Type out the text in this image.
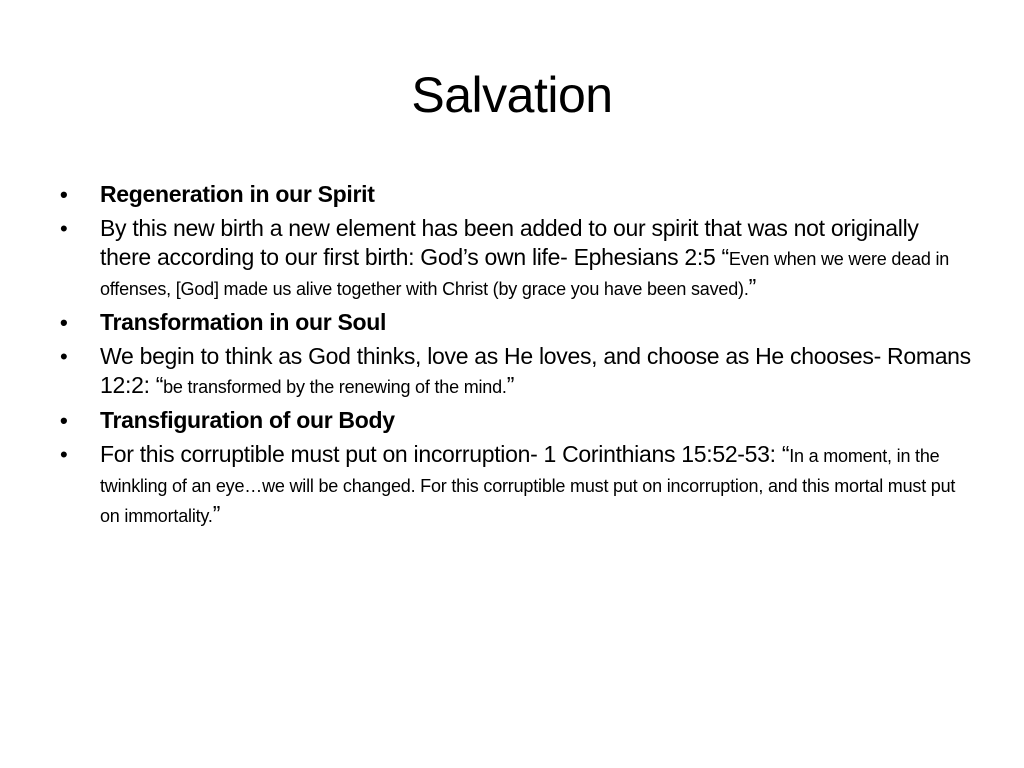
Salvation
• Regeneration in our Spirit
• By this new birth a new element has been added to our spirit that was not originally there according to our first birth: God’s own life- Ephesians 2:5 “Even when we were dead in offenses, [God] made us alive together with Christ (by grace you have been saved).”
• Transformation in our Soul
• We begin to think as God thinks, love as He loves, and choose as He chooses- Romans 12:2: “be transformed by the renewing of the mind.”
• Transfiguration of our Body
• For this corruptible must put on incorruption- 1 Corinthians 15:52-53: “In a moment, in the twinkling of an eye…we will be changed. For this corruptible must put on incorruption, and this mortal must put on immortality.”
